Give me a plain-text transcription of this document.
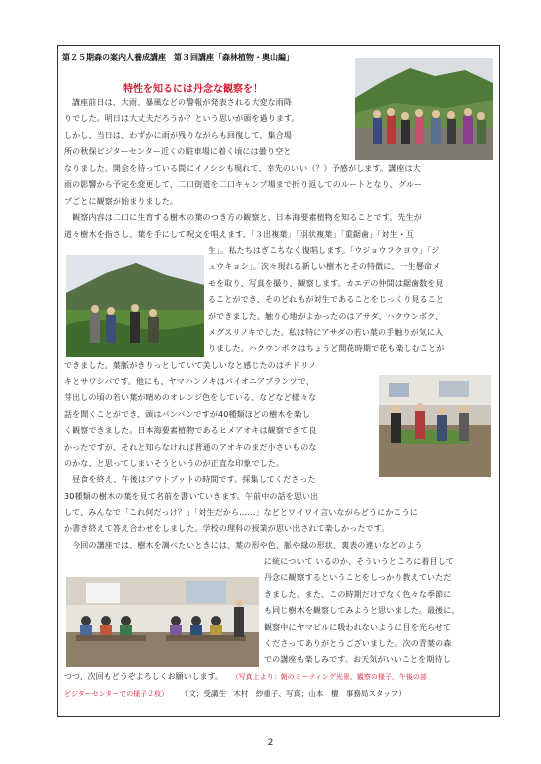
第２５期森の案内人養成講座　第３回講座「森林植物・奥山編」
特性を知るには丹念な観察を！
講座前日は、大雨、暴風などの警報が発表される大変な雨降
りでした。明日は大丈夫だろうか？という思いが頭を過ります。
しかし、当日は、わずかに雨が残りながらも回復して、集合場
所の秋保ビジターセンター近くの駐車場に着く頃には曇り空と
なりました。開会を待っている間にイノシシも現れて、幸先のいい（？）予感がします。講座は大
雨の影響から予定を変更して、二口街道を二口キャンプ場まで折り返してのルートとなり、グルー
プごとに観察が始まりました。
　観察内容は二口に生育する樹木の葉のつき方の観察と、日本海要素植物を知ることです。先生が
道々樹木を指さし、葉を手にして呪文を唱えます、「３出複葉」「羽状複葉」「重鋸歯」「対生・互
生」。私たちはぎこちなく復唱します。「ウジョウフクヨウ」「ジ
ュウキョシ」。次々現れる新しい樹木とその特徴に、一生懸命メ
モを取り、写真を撮り、観察します。カエデの仲間は鋸歯数を見
ることができ、そのどれもが対生であることをじっくり見ること
ができました。触り心地がよかったのはアサダ、ハクウンボク、
メグスリノキでした。私は特にアサダの若い葉の手触りが気に入
りました。ハクウンボクはちょうど開花時期で花も楽しむことが
できました。葉脈がきりっとしていて美しいなと感じたのはチドリノ
キとサワシバです。他にも、ヤマハンノキはパイオニアプランツで、
芽出しの頃の若い葉が晴めのオレンジ色をしている、などなど様々な
話を聞くことができ、頭はパンパンですが40種類ほどの樹木を楽し
く観察できました。日本海要素植物であるヒメアオキは観察できて良
かったですが、それと知らなければ普通のアオキのまだ小さいものな
のかな、と思ってしまいそうというのが正直な印象でした。
　昼食を終え、午後はアウトプットの時間です。採集してくださった
30種類の樹木の葉を見て名前を書いていきます。午前中の話を思い出
して、みんなで「これ何だっけ？」「対生だから……」などとワイワイ言いながらどうにかこうに
か書き終えて答え合わせをしました。学校の理科の授業が思い出されて楽しかったです。
　今回の講座では、樹木を調べたいときには、葉の形や色、脈や縁の形状、裏表の違いなどのよう
に統について いるのか、そういうところに着目して
丹念に観察するということをしっかり教えていただ
きました。また、この時期だけでなく色々な季節に
も同じ樹木を観察してみようと思いました。最後に、
観察中にヤマビルに吸われないように目を光らせて
くださってありがとうございました。次の青葉の森
での講座も楽しみです。お天気がいいことを期待し
つつ、次回もどうぞよろしくお願いします。 （写真上より：朝のミーティング光景、観察の様子、午後の部
ビジターセンターでの様子２枚） （文；受講生　木村　紗重子、写真；山本　檀　事務局スタッフ）
2
